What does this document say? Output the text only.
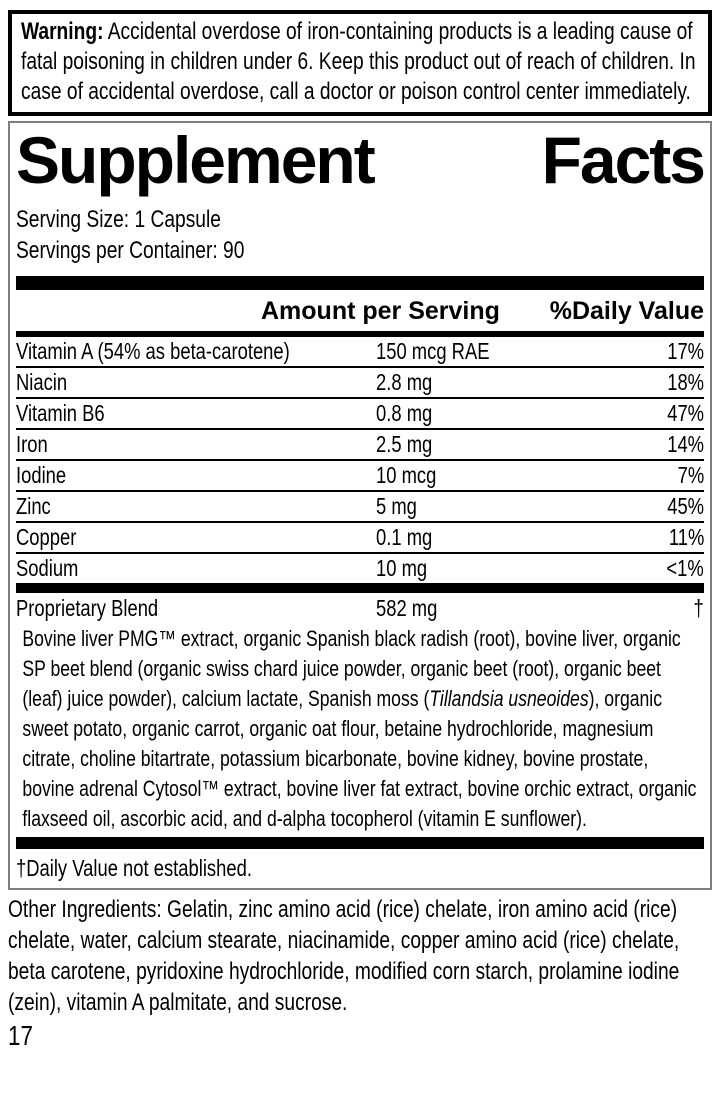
Warning: Accidental overdose of iron-containing products is a leading cause of fatal poisoning in children under 6. Keep this product out of reach of children. In case of accidental overdose, call a doctor or poison control center immediately.

Supplement	Facts
Serving Size: 1 Capsule
Servings per Container: 90
Amount per Serving	%Daily Value
Vitamin A (54% as beta-carotene)	150 mcg RAE	17%
Niacin	2.8 mg	18%
Vitamin B6	0.8 mg	47%
Iron	2.5 mg	14%
Iodine	10 mcg	7%
Zinc	5 mg	45%
Copper	0.1 mg	11%
Sodium	10 mg	<1%
Proprietary Blend	582 mg	†

Bovine liver PMG™ extract, organic Spanish black radish (root), bovine liver, organic SP beet blend (organic swiss chard juice powder, organic beet (root), organic beet (leaf) juice powder), calcium lactate, Spanish moss (Tillandsia usneoides), organic sweet potato, organic carrot, organic oat flour, betaine hydrochloride, magnesium citrate, choline bitartrate, potassium bicarbonate, bovine kidney, bovine prostate, bovine adrenal Cytosol™ extract, bovine liver fat extract, bovine orchic extract, organic flaxseed oil, ascorbic acid, and d-alpha tocopherol (vitamin E sunflower).

†Daily Value not established.

Other Ingredients: Gelatin, zinc amino acid (rice) chelate, iron amino acid (rice) chelate, water, calcium stearate, niacinamide, copper amino acid (rice) chelate, beta carotene, pyridoxine hydrochloride, modified corn starch, prolamine iodine (zein), vitamin A palmitate, and sucrose.

17
